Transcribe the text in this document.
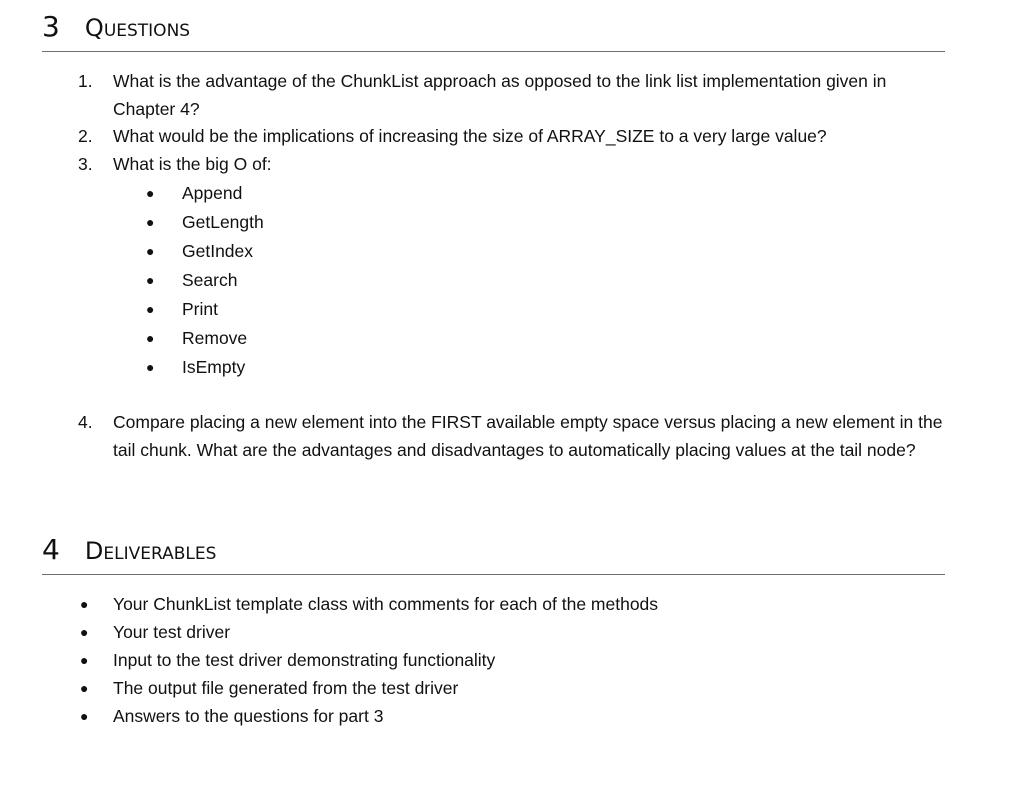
3 Questions
1. What is the advantage of the ChunkList approach as opposed to the link list implementation given in Chapter 4?
2. What would be the implications of increasing the size of ARRAY_SIZE to a very large value?
3. What is the big O of:
● Append
● GetLength
● GetIndex
● Search
● Print
● Remove
● IsEmpty
4. Compare placing a new element into the FIRST available empty space versus placing a new element in the tail chunk. What are the advantages and disadvantages to automatically placing values at the tail node?
4 Deliverables
● Your ChunkList template class with comments for each of the methods
● Your test driver
● Input to the test driver demonstrating functionality
● The output file generated from the test driver
● Answers to the questions for part 3
